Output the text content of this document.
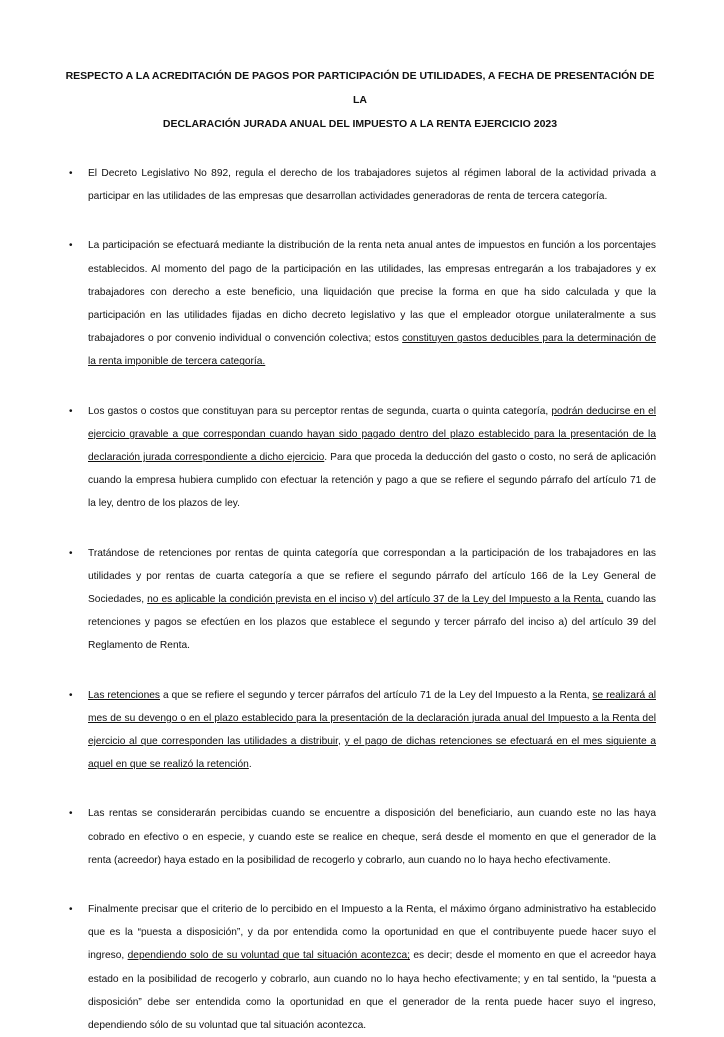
RESPECTO A LA ACREDITACIÓN DE PAGOS POR PARTICIPACIÓN DE UTILIDADES, A FECHA DE PRESENTACIÓN DE LA
DECLARACIÓN JURADA ANUAL DEL IMPUESTO A LA RENTA EJERCICIO 2023
• El Decreto Legislativo No 892, regula el derecho de los trabajadores sujetos al régimen laboral de la actividad privada a participar en las utilidades de las empresas que desarrollan actividades generadoras de renta de tercera categoría.
• La participación se efectuará mediante la distribución de la renta neta anual antes de impuestos en función a los porcentajes establecidos. Al momento del pago de la participación en las utilidades, las empresas entregarán a los trabajadores y ex trabajadores con derecho a este beneficio, una liquidación que precise la forma en que ha sido calculada y que la participación en las utilidades fijadas en dicho decreto legislativo y las que el empleador otorgue unilateralmente a sus trabajadores o por convenio individual o convención colectiva; estos constituyen gastos deducibles para la determinación de la renta imponible de tercera categoría.
• Los gastos o costos que constituyan para su perceptor rentas de segunda, cuarta o quinta categoría, podrán deducirse en el ejercicio gravable a que correspondan cuando hayan sido pagado dentro del plazo establecido para la presentación de la declaración jurada correspondiente a dicho ejercicio. Para que proceda la deducción del gasto o costo, no será de aplicación cuando la empresa hubiera cumplido con efectuar la retención y pago a que se refiere el segundo párrafo del artículo 71 de la ley, dentro de los plazos de ley.
• Tratándose de retenciones por rentas de quinta categoría que correspondan a la participación de los trabajadores en las utilidades y por rentas de cuarta categoría a que se refiere el segundo párrafo del artículo 166 de la Ley General de Sociedades, no es aplicable la condición prevista en el inciso v) del artículo 37 de la Ley del Impuesto a la Renta, cuando las retenciones y pagos se efectúen en los plazos que establece el segundo y tercer párrafo del inciso a) del artículo 39 del Reglamento de Renta.
• Las retenciones a que se refiere el segundo y tercer párrafos del artículo 71 de la Ley del Impuesto a la Renta, se realizará al mes de su devengo o en el plazo establecido para la presentación de la declaración jurada anual del Impuesto a la Renta del ejercicio al que corresponden las utilidades a distribuir, y el pago de dichas retenciones se efectuará en el mes siguiente a aquel en que se realizó la retención.
• Las rentas se considerarán percibidas cuando se encuentre a disposición del beneficiario, aun cuando este no las haya cobrado en efectivo o en especie, y cuando este se realice en cheque, será desde el momento en que el generador de la renta (acreedor) haya estado en la posibilidad de recogerlo y cobrarlo, aun cuando no lo haya hecho efectivamente.
• Finalmente precisar que el criterio de lo percibido en el Impuesto a la Renta, el máximo órgano administrativo ha establecido que es la “puesta a disposición”, y da por entendida como la oportunidad en que el contribuyente puede hacer suyo el ingreso, dependiendo solo de su voluntad que tal situación acontezca; es decir; desde el momento en que el acreedor haya estado en la posibilidad de recogerlo y cobrarlo, aun cuando no lo haya hecho efectivamente; y en tal sentido, la “puesta a disposición” debe ser entendida como la oportunidad en que el generador de la renta puede hacer suyo el ingreso, dependiendo sólo de su voluntad que tal situación acontezca.
